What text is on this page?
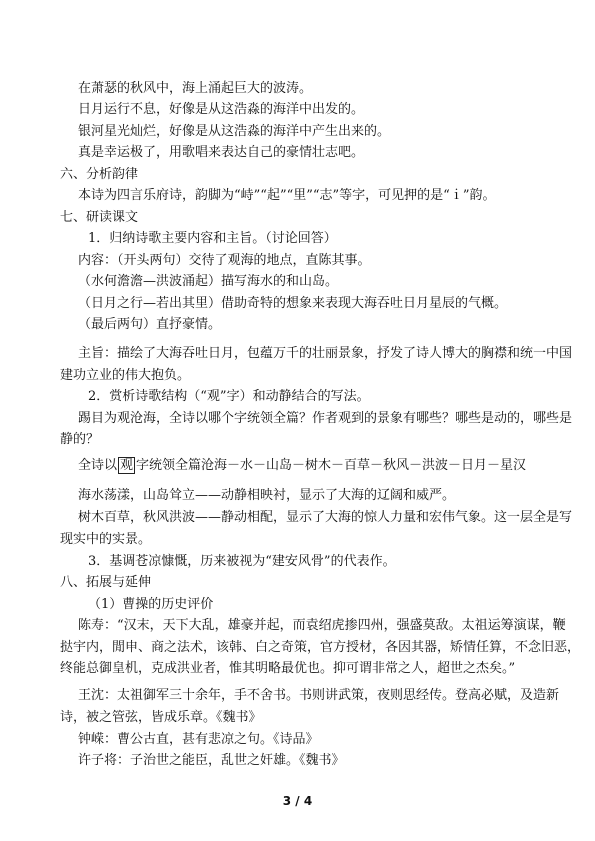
在萧瑟的秋风中，海上涌起巨大的波涛。
日月运行不息，好像是从这浩淼的海洋中出发的。
银河星光灿烂，好像是从这浩淼的海洋中产生出来的。
真是幸运极了，用歌唱来表达自己的豪情壮志吧。
六、分析韵律
本诗为四言乐府诗，韵脚为“峙”“起”“里”“志”等字，可见押的是“ｉ”韵。
七、研读课文
1．归纳诗歌主要内容和主旨。（讨论回答）
内容：（开头两句）交待了观海的地点，直陈其事。
（水何澹澹—洪波涌起）描写海水的和山岛。
（日月之行—若出其里）借助奇特的想象来表现大海吞吐日月星辰的气概。
（最后两句）直抒豪情。
主旨：描绘了大海吞吐日月，包蕴万千的壮丽景象，抒发了诗人博大的胸襟和统一中国
建功立业的伟大抱负。
2．赏析诗歌结构（“观”字）和动静结合的写法。
踢目为观沧海，全诗以哪个字统领全篇？作者观到的景象有哪些？哪些是动的，哪些是
静的？
全诗以 观 字统领全篇沧海－水－山岛－树木－百草－秋风－洪波－日月－星汉
海水荡漾，山岛耸立——动静相映衬，显示了大海的辽阔和威严。
树木百草，秋风洪波——静动相配，显示了大海的惊人力量和宏伟气象。这一层全是写
现实中的实景。
3．基调苍凉慷慨，历来被视为“建安风骨”的代表作。
八、拓展与延伸
（1）曹操的历史评价
陈寿：“汉末，天下大乱，雄豪并起，而袁绍虎掺四州，强盛莫敌。太祖运筹演谋，鞭
挞宇内，閒申、商之法术，该韩、白之奇策，官方授材，各因其器，矫情任算，不念旧恶，
终能总御皇机，克成洪业者，惟其明略最优也。抑可谓非常之人，超世之杰矣。”
王沈：太祖御军三十余年，手不舍书。书则讲武策，夜则思经传。登高必赋，及造新
诗，被之管弦，皆成乐章。《魏书》
钟嵘：曹公古直，甚有悲凉之句。《诗品》
许子将：子治世之能臣，乱世之奸雄。《魏书》
3 / 4
